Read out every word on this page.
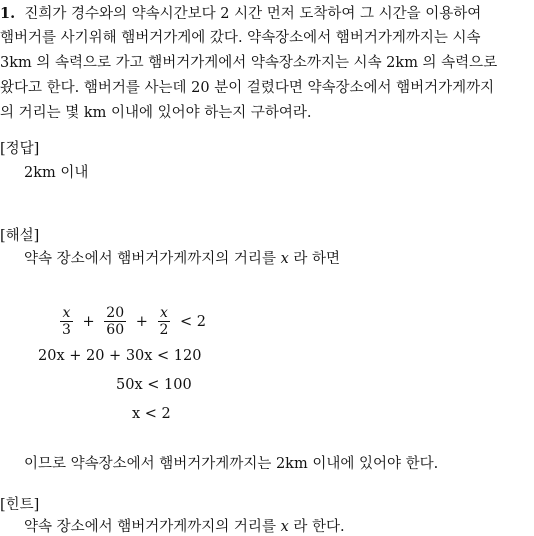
1. 진희가 경수와의 약속시간보다 2 시간 먼저 도착하여 그 시간을 이용하여
햄버거를 사기위해 햄버거가게에 갔다. 약속장소에서 햄버거가게까지는 시속
3km 의 속력으로 가고 햄버거가게에서 약속장소까지는 시속 2km 의 속력으로
왔다고 한다. 햄버거를 사는데 20 분이 걸렸다면 약속장소에서 햄버거가게까지
의 거리는 몇 km 이내에 있어야 하는지 구하여라.
[정답]
2km 이내
[해설]
약속 장소에서 햄버거가게까지의 거리를 x 라 하면
$\frac{x}{3} + \frac{20}{60} + \frac{x}{2} < 2$
20x + 20 + 30x < 120
50x < 100
x < 2
이므로 약속장소에서 햄버거가게까지는 2km 이내에 있어야 한다.
[힌트]
약속 장소에서 햄버거가게까지의 거리를 x 라 한다.
